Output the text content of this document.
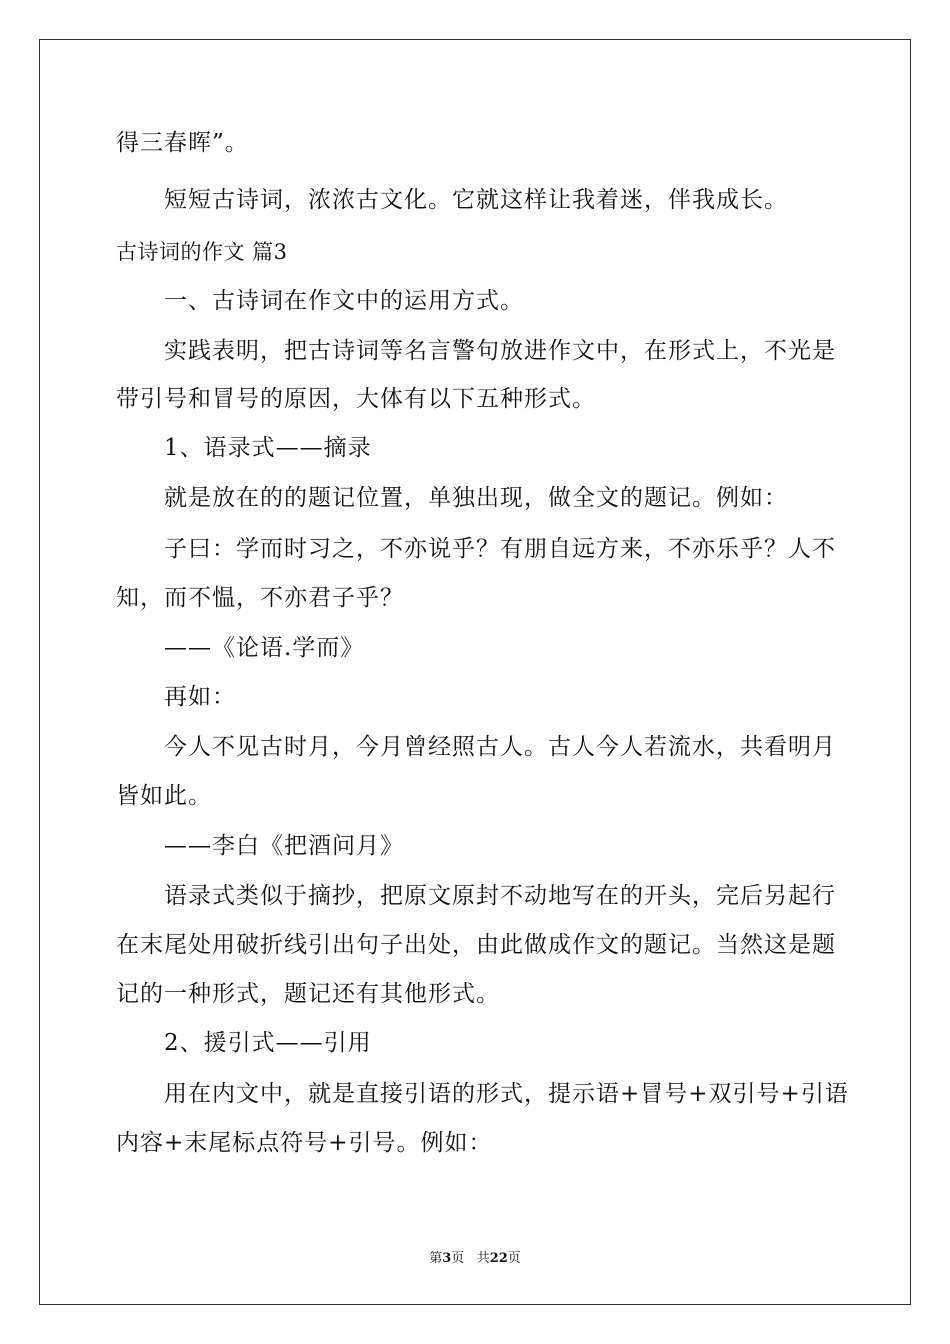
得三春晖”。
短短古诗词，浓浓古文化。它就这样让我着迷，伴我成长。
古诗词的作文 篇3
一、古诗词在作文中的运用方式。
实践表明，把古诗词等名言警句放进作文中，在形式上，不光是
带引号和冒号的原因，大体有以下五种形式。
1、语录式——摘录
就是放在的的题记位置，单独出现，做全文的题记。例如：
子曰：学而时习之，不亦说乎？有朋自远方来，不亦乐乎？人不
知，而不愠，不亦君子乎？
——《论语.学而》
再如：
今人不见古时月，今月曾经照古人。古人今人若流水，共看明月
皆如此。
——李白《把酒问月》
语录式类似于摘抄，把原文原封不动地写在的开头，完后另起行
在末尾处用破折线引出句子出处，由此做成作文的题记。当然这是题
记的一种形式，题记还有其他形式。
2、援引式——引用
用在内文中，就是直接引语的形式，提示语+冒号+双引号+引语
内容+末尾标点符号+引号。例如：
第3页 共22页
